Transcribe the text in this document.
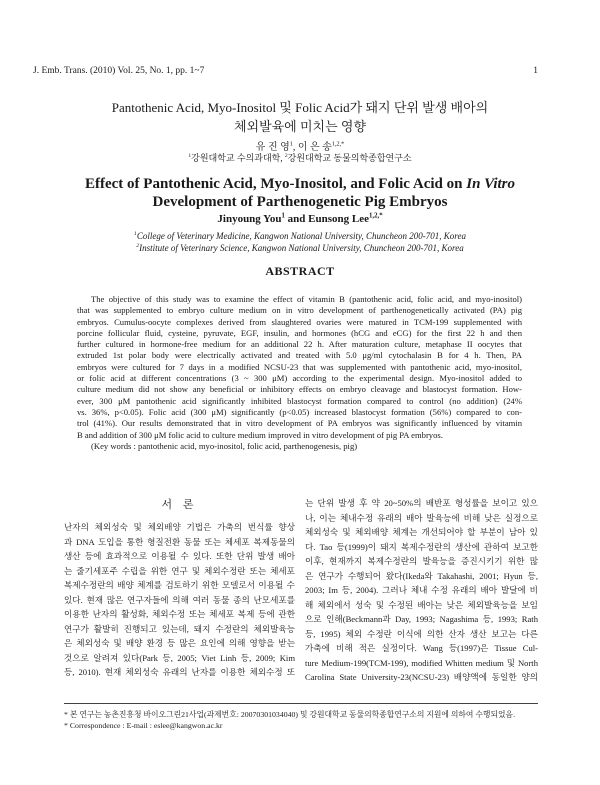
J. Emb. Trans. (2010) Vol. 25, No. 1, pp. 1~7	1
Pantothenic Acid, Myo-Inositol 및 Folic Acid가 돼지 단위 발생 배아의
체외발육에 미치는 영향
유 진 영$^1$, 이 은 송$^{1,2,*}$
$^1$강원대학교 수의과대학, $^2$강원대학교 동물의학종합연구소
Effect of Pantothenic Acid, Myo-Inositol, and Folic Acid on In Vitro
Development of Parthenogenetic Pig Embryos
Jinyoung You$^1$ and Eunsong Lee$^{1,2,*}$
$^1$College of Veterinary Medicine, Kangwon National University, Chuncheon 200-701, Korea
$^2$Institute of Veterinary Science, Kangwon National University, Chuncheon 200-701, Korea
ABSTRACT
The objective of this study was to examine the effect of vitamin B (pantothenic acid, folic acid, and myo-inositol)
that was supplemented to embryo culture medium on in vitro development of parthenogenetically activated (PA) pig
embryos. Cumulus-oocyte complexes derived from slaughtered ovaries were matured in TCM-199 supplemented with
porcine follicular fluid, cysteine, pyruvate, EGF, insulin, and hormones (hCG and eCG) for the first 22 h and then
further cultured in hormone-free medium for an additional 22 h. After maturation culture, metaphase II oocytes that
extruded 1st polar body were electrically activated and treated with 5.0 μg/ml cytochalasin B for 4 h. Then, PA
embryos were cultured for 7 days in a modified NCSU-23 that was supplemented with pantothenic acid, myo-inositol,
or folic acid at different concentrations (3 ~ 300 μM) according to the experimental design. Myo-inositol added to
culture medium did not show any beneficial or inhibitory effects on embryo cleavage and blastocyst formation. How-
ever, 300 μM pantothenic acid significantly inhibited blastocyst formation compared to control (no addition) (24%
vs. 36%, p<0.05). Folic acid (300 μM) significantly (p<0.05) increased blastocyst formation (56%) compared to con-
trol (41%). Our results demonstrated that in vitro development of PA embryos was significantly influenced by vitamin
B and addition of 300 μM folic acid to culture medium improved in vitro development of pig PA embryos.
(Key words : pantothenic acid, myo-inositol, folic acid, parthenogenesis, pig)
서 론
난자의 체외성숙 및 체외배양 기법은 가축의 번식률 향상
과 DNA 도입을 통한 형질전환 동물 또는 체세포 복제동물의
생산 등에 효과적으로 이용될 수 있다. 또한 단위 발생 배아
는 줄기세포주 수립을 위한 연구 및 체외수정란 또는 체세포
복제수정란의 배양 체계를 검토하기 위한 모델로서 이용될 수
있다. 현재 많은 연구자들에 의해 여러 동물 종의 난모세포를
이용한 난자의 활성화, 체외수정 또는 체세포 복제 등에 관한
연구가 활발히 진행되고 있는데, 돼지 수정란의 체외발육능
은 체외성숙 및 배양 환경 등 많은 요인에 의해 영향을 받는
것으로 알려져 있다(Park 등, 2005; Viet Linh 등, 2009; Kim
등, 2010). 현재 체외성숙 유래의 난자를 이용한 체외수정 또
는 단위 발생 후 약 20~50%의 배반포 형성률을 보이고 있으
나, 이는 체내수정 유래의 배아 발육능에 비해 낮은 실정으로
체외성숙 및 체외배양 체계는 개선되어야 할 부분이 남아 있
다. Tao 등(1999)이 돼지 복제수정란의 생산에 관하여 보고한
이후, 현재까지 복제수정란의 발육능을 증진시키기 위한 많
은 연구가 수행되어 왔다(Ikeda와 Takahashi, 2001; Hyun 등,
2003; Im 등, 2004). 그러나 체내 수정 유래의 배아 발달에 비
해 체외에서 성숙 및 수정된 배아는 낮은 체외발육능을 보임
으로 인해(Beckmann과 Day, 1993; Nagashima 등, 1993; Rath
등, 1995) 체외 수정란 이식에 의한 산자 생산 보고는 다른
가축에 비해 적은 실정이다. Wang 등(1997)은 Tissue Cul-
ture Medium-199(TCM-199), modified Whitten medium 및 North
Carolina State University-23(NCSU-23) 배양액에 동일한 양의
* 본 연구는 농촌진흥청 바이오그린21사업(과제번호: 20070301034040) 및 강원대학교 동물의학종합연구소의 지원에 의하여 수행되었음.
* Correspondence : E-mail : eslee@kangwon.ac.kr
